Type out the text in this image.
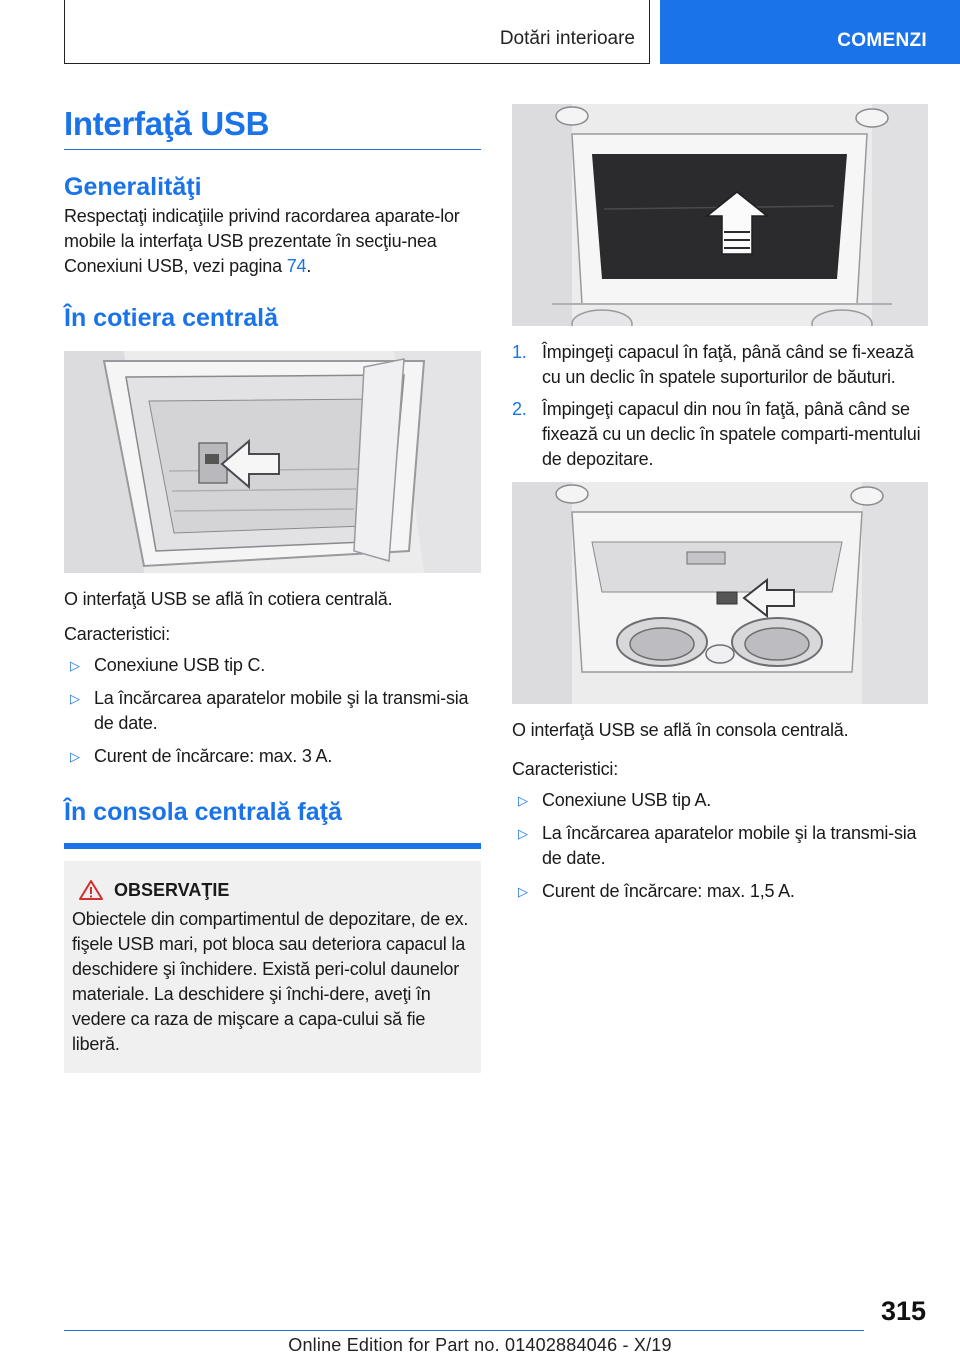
Dotări interioare	COMENZI
Interfaţă USB
Generalităţi

Respectaţi indicaţiile privind racordarea aparate‐lor mobile la interfaţa USB prezentate în secţiu‐nea Conexiuni USB, vezi pagina 74.

În cotiera centrală

O interfaţă USB se află în cotiera centrală.

Caracteristici:

▷ Conexiune USB tip C.
▷ La încărcarea aparatelor mobile şi la transmi‐sia de date.
▷ Curent de încărcare: max. 3 A.
În consola centrală faţă
OBSERVAŢIE

Obiectele din compartimentul de depozitare, de ex. fişele USB mari, pot bloca sau deteriora capacul la deschidere şi închidere. Există peri‐colul daunelor materiale. La deschidere şi închi‐dere, aveţi în vedere ca raza de mişcare a capa‐cului să fie liberă.

1. Împingeţi capacul în faţă, până când se fi‐xează cu un declic în spatele suporturilor de băuturi.
2. Împingeţi capacul din nou în faţă, până când se fixează cu un declic în spatele comparti‐mentului de depozitare.

O interfaţă USB se află în consola centrală.

Caracteristici:

▷ Conexiune USB tip A.
▷ La încărcarea aparatelor mobile şi la transmi‐sia de date.
▷ Curent de încărcare: max. 1,5 A.
315
Online Edition for Part no. 01402884046 - X/19
